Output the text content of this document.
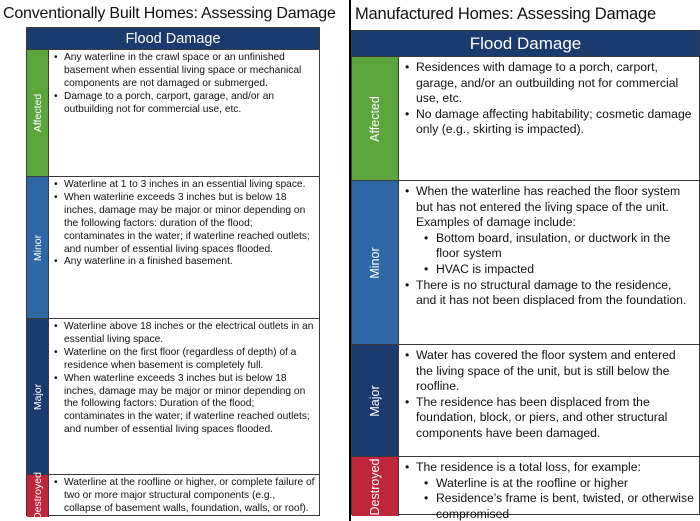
Conventionally Built Homes: Assessing Damage
Flood Damage
Affected
• Any waterline in the crawl space or an unfinished basement when essential living space or mechanical components are not damaged or submerged.
• Damage to a porch, carport, garage, and/or an outbuilding not for commercial use, etc.
Minor
• Waterline at 1 to 3 inches in an essential living space.
• When waterline exceeds 3 inches but is below 18 inches, damage may be major or minor depending on the following factors: duration of the flood; contaminates in the water; if waterline reached outlets; and number of essential living spaces flooded.
• Any waterline in a finished basement.
Major
• Waterline above 18 inches or the electrical outlets in an essential living space.
• Waterline on the first floor (regardless of depth) of a residence when basement is completely full.
• When waterline exceeds 3 inches but is below 18 inches, damage may be major or minor depending on the following factors: Duration of the flood; contaminates in the water; if waterline reached outlets; and number of essential living spaces flooded.
Destroyed	• Waterline at the roofline or higher, or complete failure of two or more major structural components (e.g., collapse of basement walls, foundation, walls, or roof).
Manufactured Homes: Assessing Damage
Flood Damage
Affected
• Residences with damage to a porch, carport, garage, and/or an outbuilding not for commercial use, etc.
• No damage affecting habitability; cosmetic damage only (e.g., skirting is impacted).
Minor
• When the waterline has reached the floor system but has not entered the living space of the unit. Examples of damage include:
• Bottom board, insulation, or ductwork in the floor system
• HVAC is impacted
• There is no structural damage to the residence, and it has not been displaced from the foundation.
Major
• Water has covered the floor system and entered the living space of the unit, but is still below the roofline.
• The residence has been displaced from the foundation, block, or piers, and other structural components have been damaged.
Destroyed	• The residence is a total loss, for example:
• Waterline is at the roofline or higher
• Residence’s frame is bent, twisted, or otherwise compromised
